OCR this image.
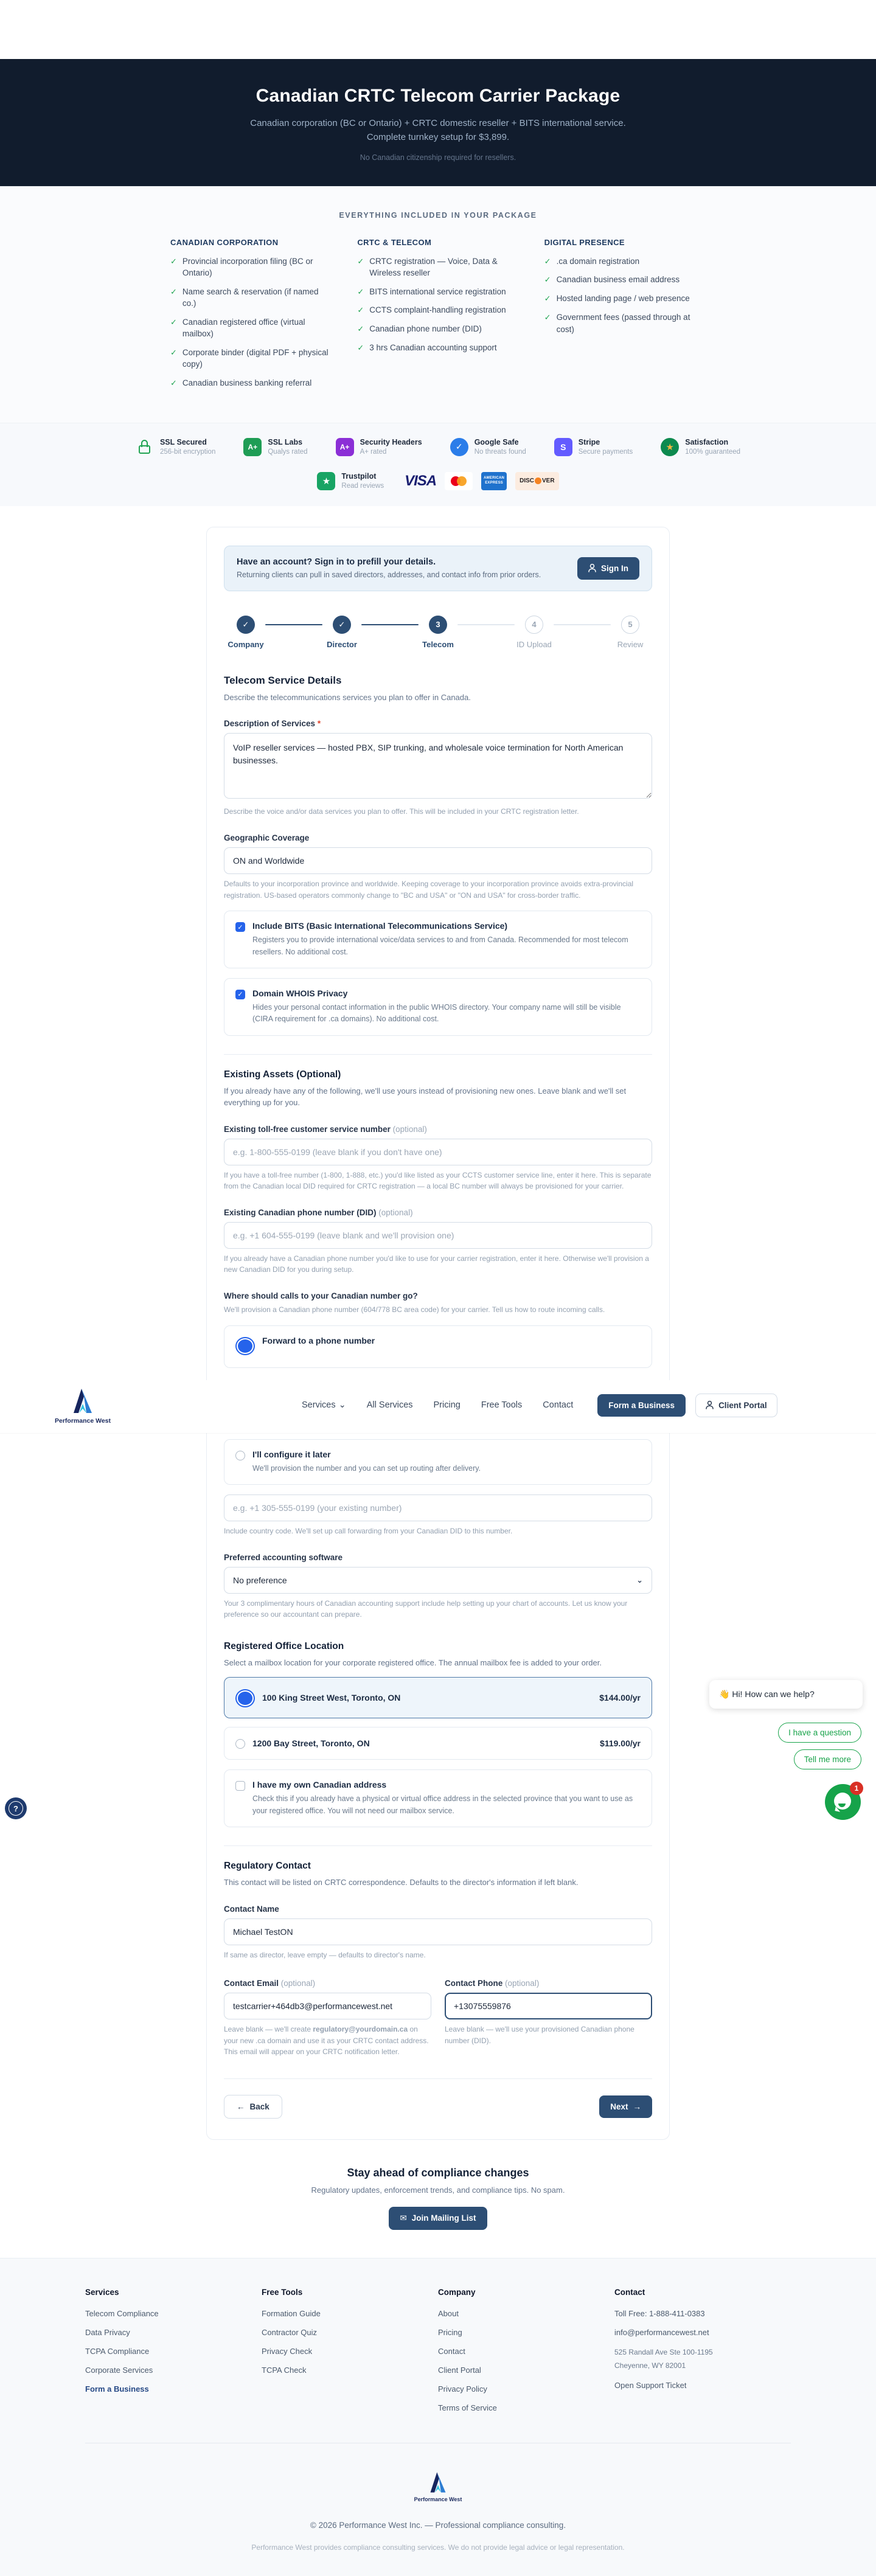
Canadian CRTC Telecom Carrier Package
Canadian corporation (BC or Ontario) + CRTC domestic reseller + BITS international service. Complete turnkey setup for $3,899.
No Canadian citizenship required for resellers.
EVERYTHING INCLUDED IN YOUR PACKAGE
CANADIAN CORPORATION
✓ Provincial incorporation filing (BC or Ontario)
✓ Name search & reservation (if named co.)
✓ Canadian registered office (virtual mailbox)
✓ Corporate binder (digital PDF + physical copy)
✓ Canadian business banking referral
CRTC & TELECOM
✓ CRTC registration — Voice, Data & Wireless reseller
✓ BITS international service registration
✓ CCTS complaint-handling registration
✓ Canadian phone number (DID)
✓ 3 hrs Canadian accounting support
DIGITAL PRESENCE
✓ .ca domain registration
✓ Canadian business email address
✓ Hosted landing page / web presence
✓ Government fees (passed through at cost)
SSL Secured
256-bit encryption
A+
SSL Labs
Qualys rated
A+
Security Headers
A+ rated
✓	Google Safe
No threats found
S	Stripe
Secure payments	★	Satisfaction
100% guaranteed
★	Trustpilot
Read reviews VISA	AMERICAN
EXPRESS	DISC VER
Have an account? Sign in to prefill your details.
Returning clients can pull in saved directors, addresses, and contact info from prior orders.
Sign In
✓
Company
✓
Director
3
Telecom
4
ID Upload
5
Review
Telecom Service Details
Describe the telecommunications services you plan to offer in Canada.
Description of Services *
VoIP reseller services — hosted PBX, SIP trunking, and wholesale voice termination for North American businesses.
Describe the voice and/or data services you plan to offer. This will be included in your CRTC registration letter.
Geographic Coverage
ON and Worldwide
Defaults to your incorporation province and worldwide. Keeping coverage to your incorporation province avoids extra-provincial registration. US-based operators commonly change to "BC and USA" or "ON and USA" for cross-border traffic.
✓ Include BITS (Basic International Telecommunications Service)
Registers you to provide international voice/data services to and from Canada. Recommended for most telecom resellers. No additional cost.
✓ Domain WHOIS Privacy
Hides your personal contact information in the public WHOIS directory. Your company name will still be visible (CIRA requirement for .ca domains). No additional cost.
Existing Assets (Optional)
If you already have any of the following, we'll use yours instead of provisioning new ones. Leave blank and we'll set everything up for you.
Existing toll-free customer service number (optional)
e.g. 1-800-555-0199 (leave blank if you don't have one)
If you have a toll-free number (1-800, 1-888, etc.) you'd like listed as your CCTS customer service line, enter it here. This is separate from the Canadian local DID required for CRTC registration — a local BC number will always be provisioned for your carrier.
Existing Canadian phone number (DID) (optional)
e.g. +1 604-555-0199 (leave blank and we'll provision one)
If you already have a Canadian phone number you'd like to use for your carrier registration, enter it here. Otherwise we'll provision a new Canadian DID for you during setup.
Where should calls to your Canadian number go?
We'll provision a Canadian phone number (604/778 BC area code) for your carrier. Tell us how to route incoming calls.
Forward to a phone number
Performance West
Services ⌄ All Services Pricing Free Tools Contact	Form a Business	Client Portal
I'll configure it later
We'll provision the number and you can set up routing after delivery.
e.g. +1 305-555-0199 (your existing number)
Include country code. We'll set up call forwarding from your Canadian DID to this number.
Preferred accounting software
No preference	⌄
Your 3 complimentary hours of Canadian accounting support include help setting up your chart of accounts. Let us know your preference so our accountant can prepare.
Registered Office Location
Select a mailbox location for your corporate registered office. The annual mailbox fee is added to your order.
100 King Street West, Toronto, ON	$144.00/yr
1200 Bay Street, Toronto, ON	$119.00/yr
I have my own Canadian address
Check this if you already have a physical or virtual office address in the selected province that you want to use as your registered office. You will not need our mailbox service.
Regulatory Contact
This contact will be listed on CRTC correspondence. Defaults to the director's information if left blank.
Contact Name
Michael TestON
If same as director, leave empty — defaults to director's name.
Contact Email (optional)
testcarrier+464db3@performancewest.net
Leave blank — we'll create regulatory@yourdomain.ca on your new .ca domain and use it as your CRTC contact address. This email will appear on your CRTC notification letter.
Contact Phone (optional)
+13075559876
Leave blank — we'll use your provisioned Canadian phone number (DID).
← Back	Next →
Stay ahead of compliance changes

Regulatory updates, enforcement trends, and compliance tips. No spam.

✉ Join Mailing List
Services
Telecom Compliance
Data Privacy
TCPA Compliance
Corporate Services
Form a Business
Free Tools
Formation Guide
Contractor Quiz
Privacy Check
TCPA Check
Company
About
Pricing
Contact
Client Portal
Privacy Policy
Terms of Service
Contact
Toll Free: 1-888-411-0383
info@performancewest.net
525 Randall Ave Ste 100-1195
Cheyenne, WY 82001
Open Support Ticket
Performance West
© 2026 Performance West Inc. — Professional compliance consulting.
Performance West provides compliance consulting services. We do not provide legal advice or legal representation.
👋 Hi! How can we help?
I have a question
Tell me more
1
?
